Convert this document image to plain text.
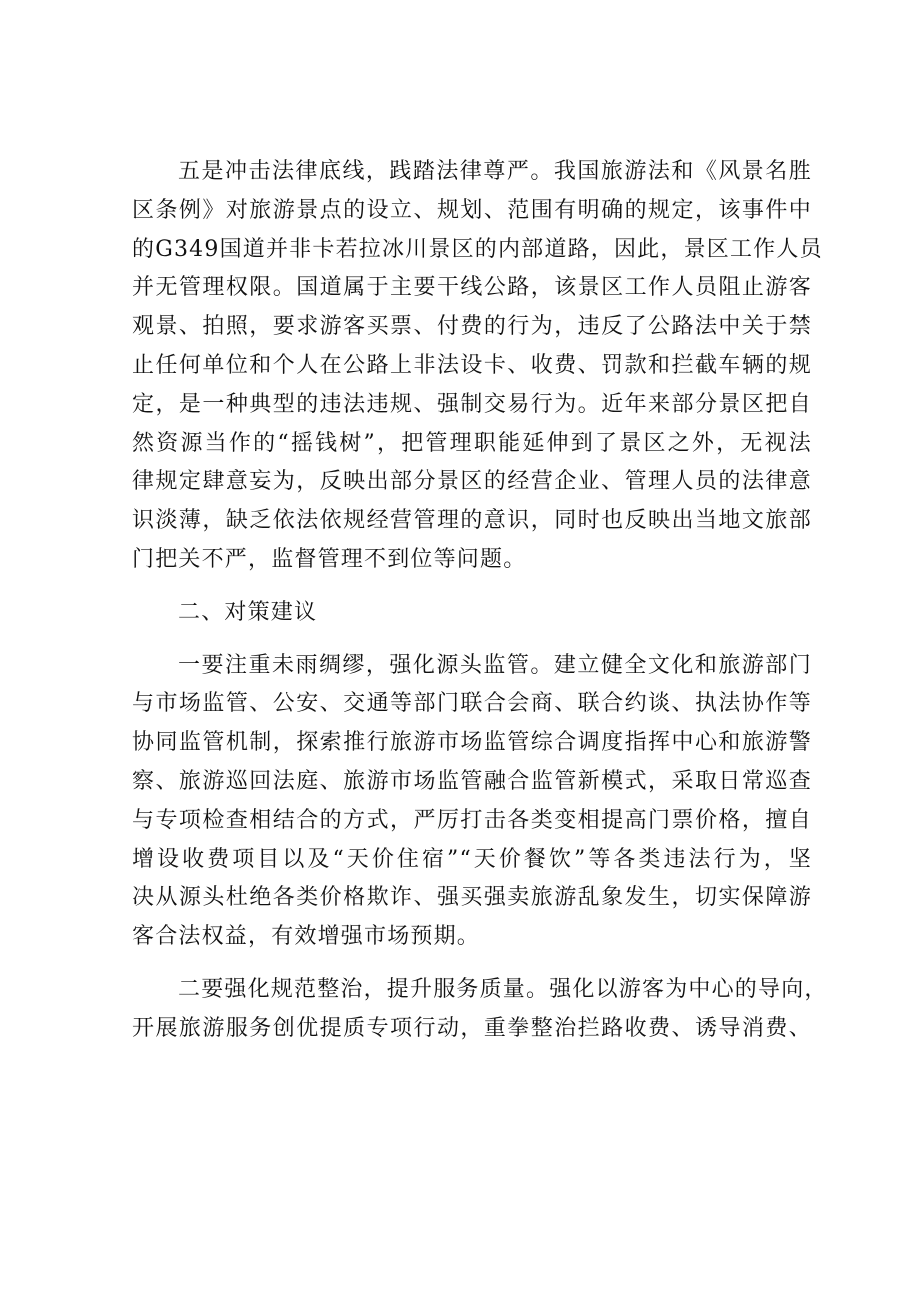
五是冲击法律底线，践踏法律尊严。我国旅游法和《风景名胜
区条例》对旅游景点的设立、规划、范围有明确的规定，该事件中
的G349国道并非卡若拉冰川景区的内部道路，因此，景区工作人员
并无管理权限。国道属于主要干线公路，该景区工作人员阻止游客
观景、拍照，要求游客买票、付费的行为，违反了公路法中关于禁
止任何单位和个人在公路上非法设卡、收费、罚款和拦截车辆的规
定，是一种典型的违法违规、强制交易行为。近年来部分景区把自
然资源当作的“摇钱树”，把管理职能延伸到了景区之外，无视法
律规定肆意妄为，反映出部分景区的经营企业、管理人员的法律意
识淡薄，缺乏依法依规经营管理的意识，同时也反映出当地文旅部
门把关不严，监督管理不到位等问题。
二、对策建议
一要注重未雨绸缪，强化源头监管。建立健全文化和旅游部门
与市场监管、公安、交通等部门联合会商、联合约谈、执法协作等
协同监管机制，探索推行旅游市场监管综合调度指挥中心和旅游警
察、旅游巡回法庭、旅游市场监管融合监管新模式，采取日常巡查
与专项检查相结合的方式，严厉打击各类变相提高门票价格，擅自
增设收费项目以及“天价住宿”“天价餐饮”等各类违法行为，坚
决从源头杜绝各类价格欺诈、强买强卖旅游乱象发生，切实保障游
客合法权益，有效增强市场预期。
二要强化规范整治，提升服务质量。强化以游客为中心的导向，
开展旅游服务创优提质专项行动，重拳整治拦路收费、诱导消费、
